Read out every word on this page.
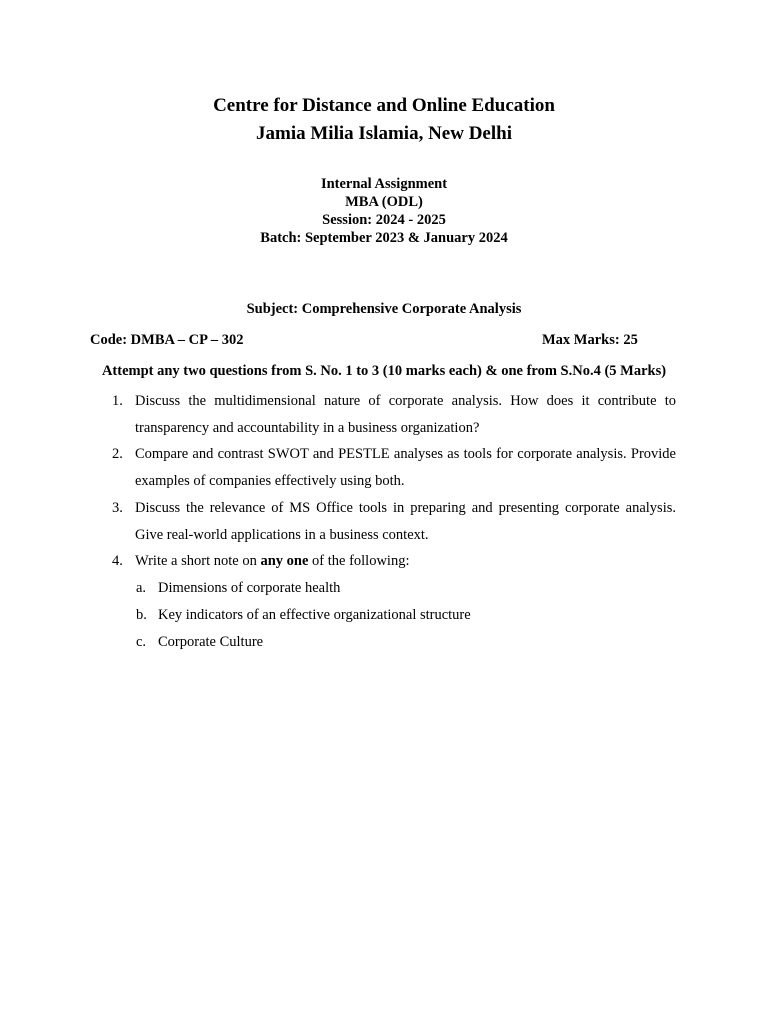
Centre for Distance and Online Education
Jamia Milia Islamia, New Delhi
Internal Assignment
MBA (ODL)
Session: 2024 - 2025
Batch: September 2023 & January 2024
Subject: Comprehensive Corporate Analysis
Code: DMBA – CP – 302	Max Marks: 25
Attempt any two questions from S. No. 1 to 3 (10 marks each) & one from S.No.4 (5 Marks)
1. Discuss the multidimensional nature of corporate analysis. How does it contribute to transparency and accountability in a business organization?
2. Compare and contrast SWOT and PESTLE analyses as tools for corporate analysis. Provide examples of companies effectively using both.
3. Discuss the relevance of MS Office tools in preparing and presenting corporate analysis. Give real-world applications in a business context.
4. Write a short note on any one of the following:
a. Dimensions of corporate health
b. Key indicators of an effective organizational structure
c. Corporate Culture
